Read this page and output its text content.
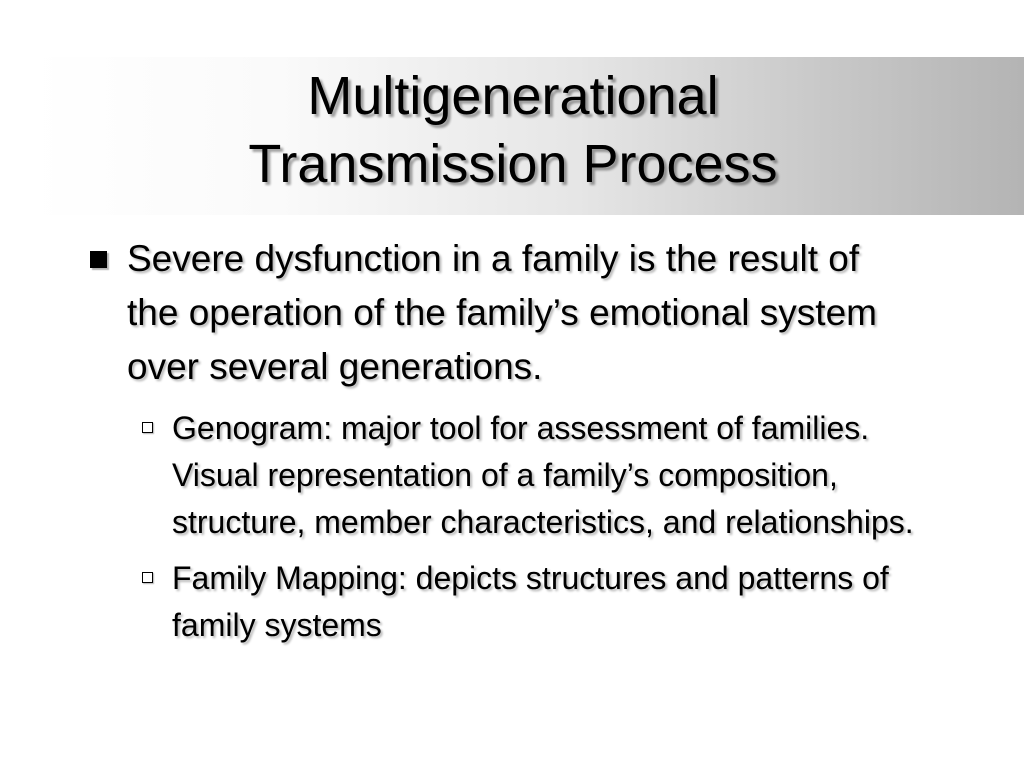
Multigenerational
Transmission Process
Severe dysfunction in a family is the result of the operation of the family’s emotional system over several generations.
Genogram: major tool for assessment of families. Visual representation of a family’s composition, structure, member characteristics, and relationships.
Family Mapping: depicts structures and patterns of family systems
